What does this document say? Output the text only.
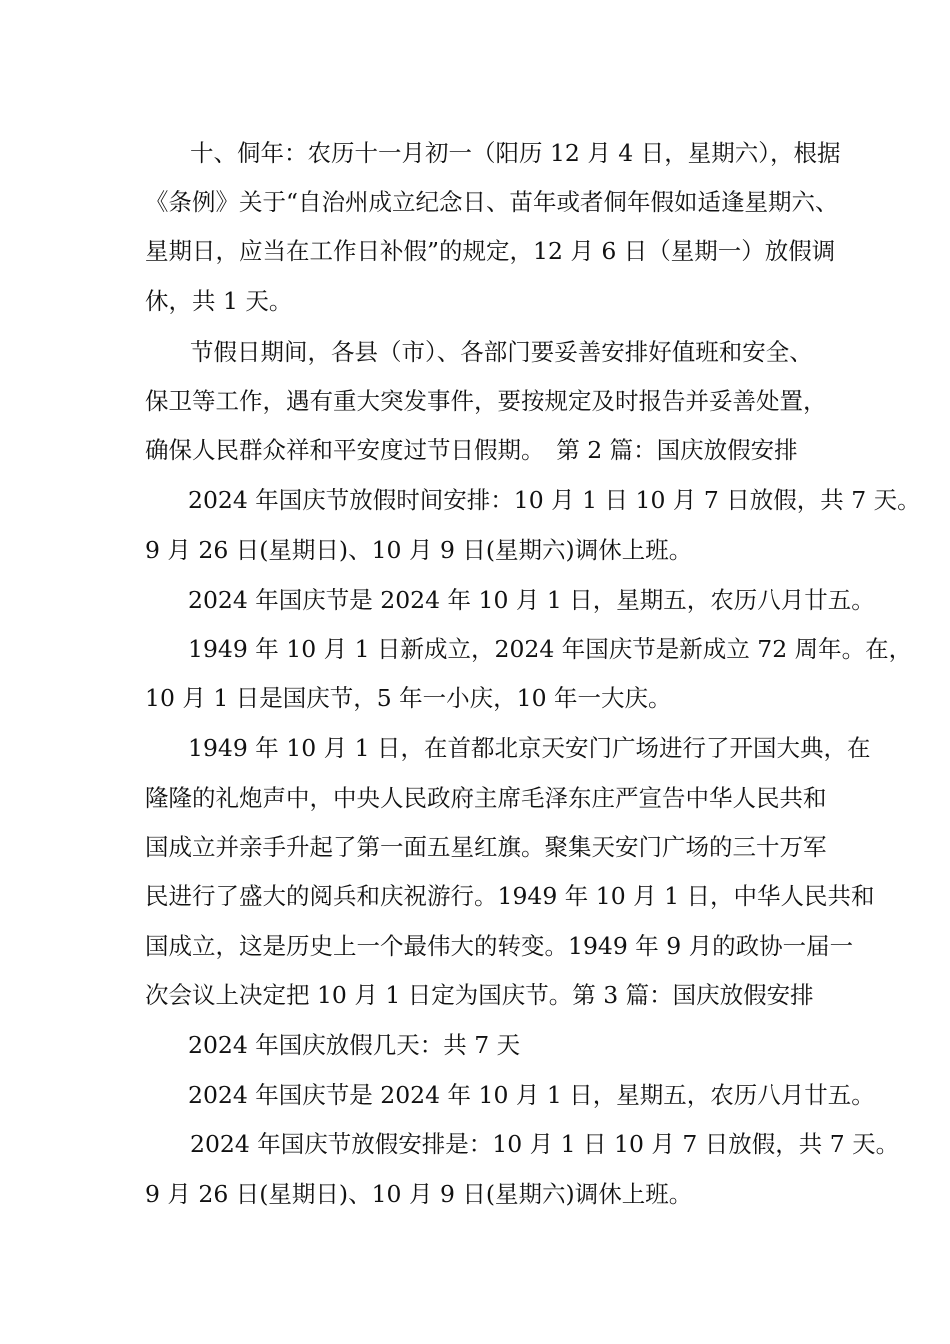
十、侗年：农历十一月初一（阳历 12 月 4 日，星期六），根据
《条例》关于“自治州成立纪念日、苗年或者侗年假如适逢星期六、
星期日，应当在工作日补假”的规定，12 月 6 日（星期一）放假调
休，共 1 天。
节假日期间，各县（市）、各部门要妥善安排好值班和安全、
保卫等工作，遇有重大突发事件，要按规定及时报告并妥善处置，
确保人民群众祥和平安度过节日假期。　第 2 篇：国庆放假安排
2024 年国庆节放假时间安排：10 月 1 日 10 月 7 日放假，共 7 天。
9 月 26 日(星期日)、10 月 9 日(星期六)调休上班。
2024 年国庆节是 2024 年 10 月 1 日，星期五，农历八月廿五。
1949 年 10 月 1 日新成立，2024 年国庆节是新成立 72 周年。在，
10 月 1 日是国庆节，5 年一小庆，10 年一大庆。
1949 年 10 月 1 日，在首都北京天安门广场进行了开国大典，在
隆隆的礼炮声中，中央人民政府主席毛泽东庄严宣告中华人民共和
国成立并亲手升起了第一面五星红旗。聚集天安门广场的三十万军
民进行了盛大的阅兵和庆祝游行。1949 年 10 月 1 日，中华人民共和
国成立，这是历史上一个最伟大的转变。1949 年 9 月的政协一届一
次会议上决定把 10 月 1 日定为国庆节。第 3 篇：国庆放假安排
2024 年国庆放假几天：共 7 天
2024 年国庆节是 2024 年 10 月 1 日，星期五，农历八月廿五。
2024 年国庆节放假安排是：10 月 1 日 10 月 7 日放假，共 7 天。
9 月 26 日(星期日)、10 月 9 日(星期六)调休上班。
